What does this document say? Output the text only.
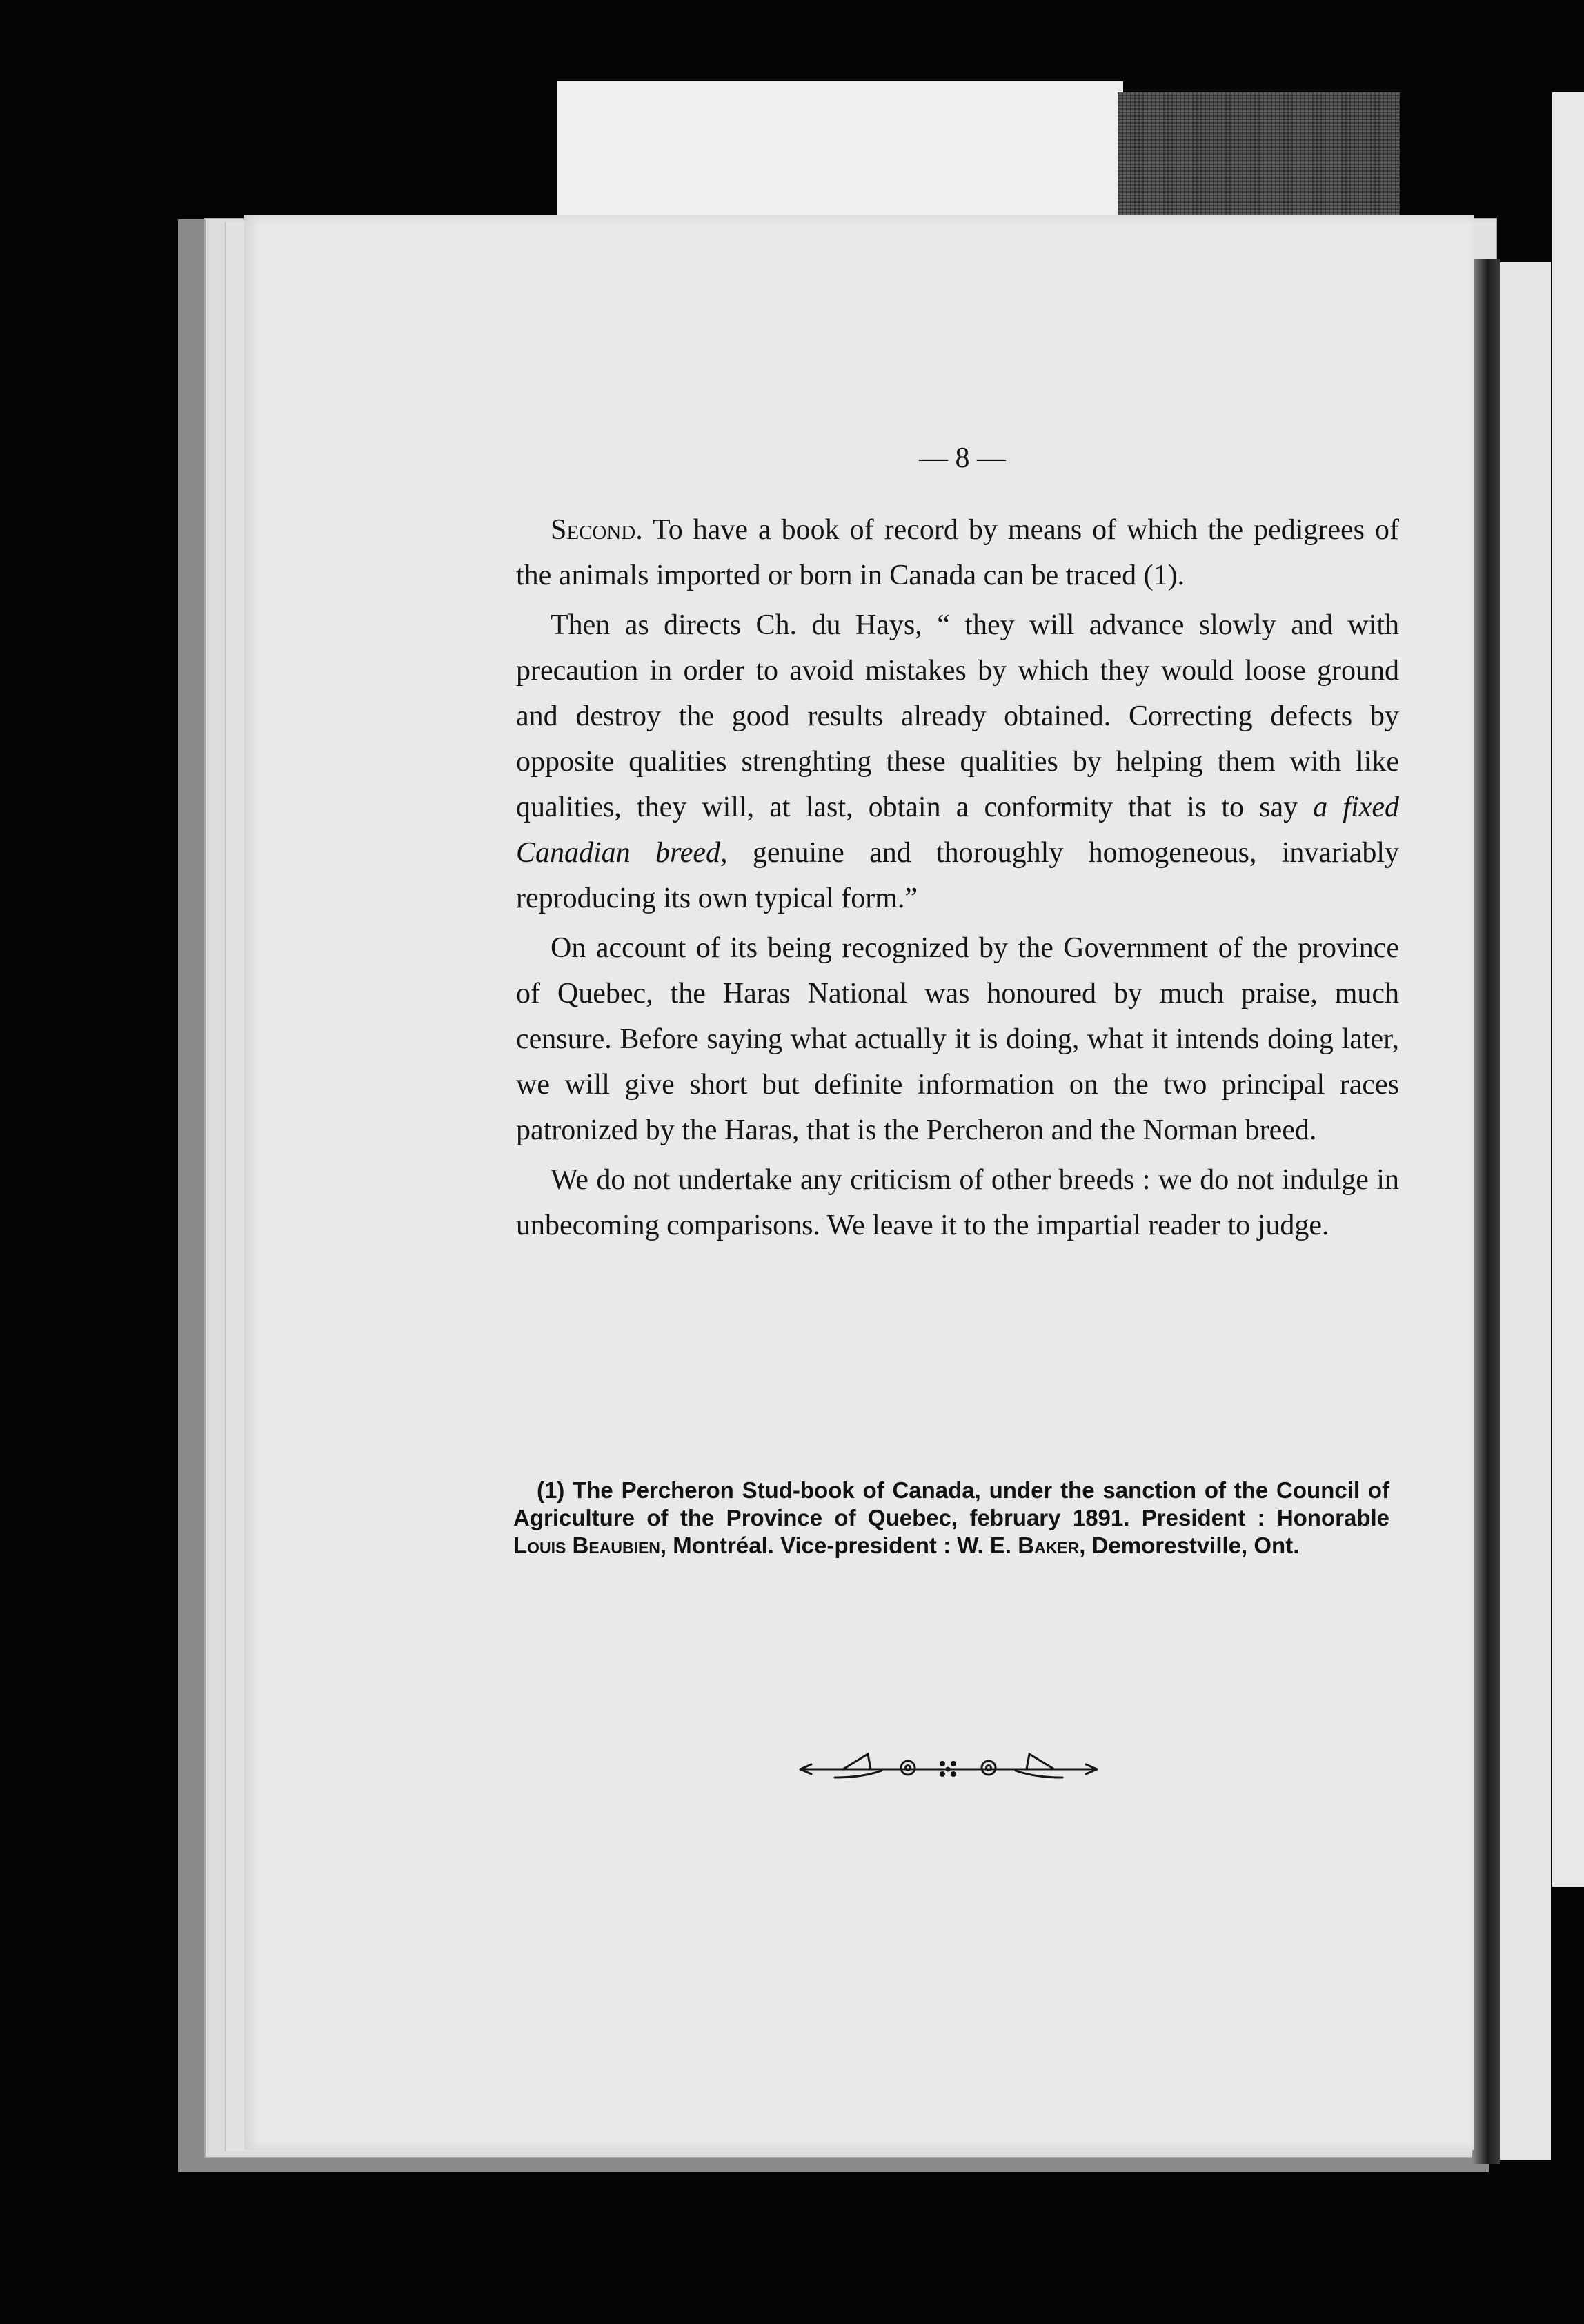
— 8 —

Second. To have a book of record by means of which the pedigrees of the animals imported or born in Canada can be traced (1).

Then as directs Ch. du Hays, “ they will advance slowly and with precaution in order to avoid mistakes by which they would loose ground and destroy the good results already obtained. Correcting defects by opposite qualities strenghting these qualities by helping them with like qualities, they will, at last, obtain a conformity that is to say a fixed Canadian breed, genuine and thoroughly homogeneous, invariably reproducing its own typical form.”

On account of its being recognized by the Government of the province of Quebec, the Haras National was honoured by much praise, much censure. Before saying what actually it is doing, what it intends doing later, we will give short but definite information on the two principal races patronized by the Haras, that is the Percheron and the Norman breed.

We do not undertake any criticism of other breeds : we do not indulge in unbecoming comparisons. We leave it to the impartial reader to judge.

(1) The Percheron Stud-book of Canada, under the sanction of the Council of Agriculture of the Province of Quebec, february 1891. President : Honorable Louis Beaubien, Montréal. Vice-president : W. E. Baker, Demorestville, Ont.
